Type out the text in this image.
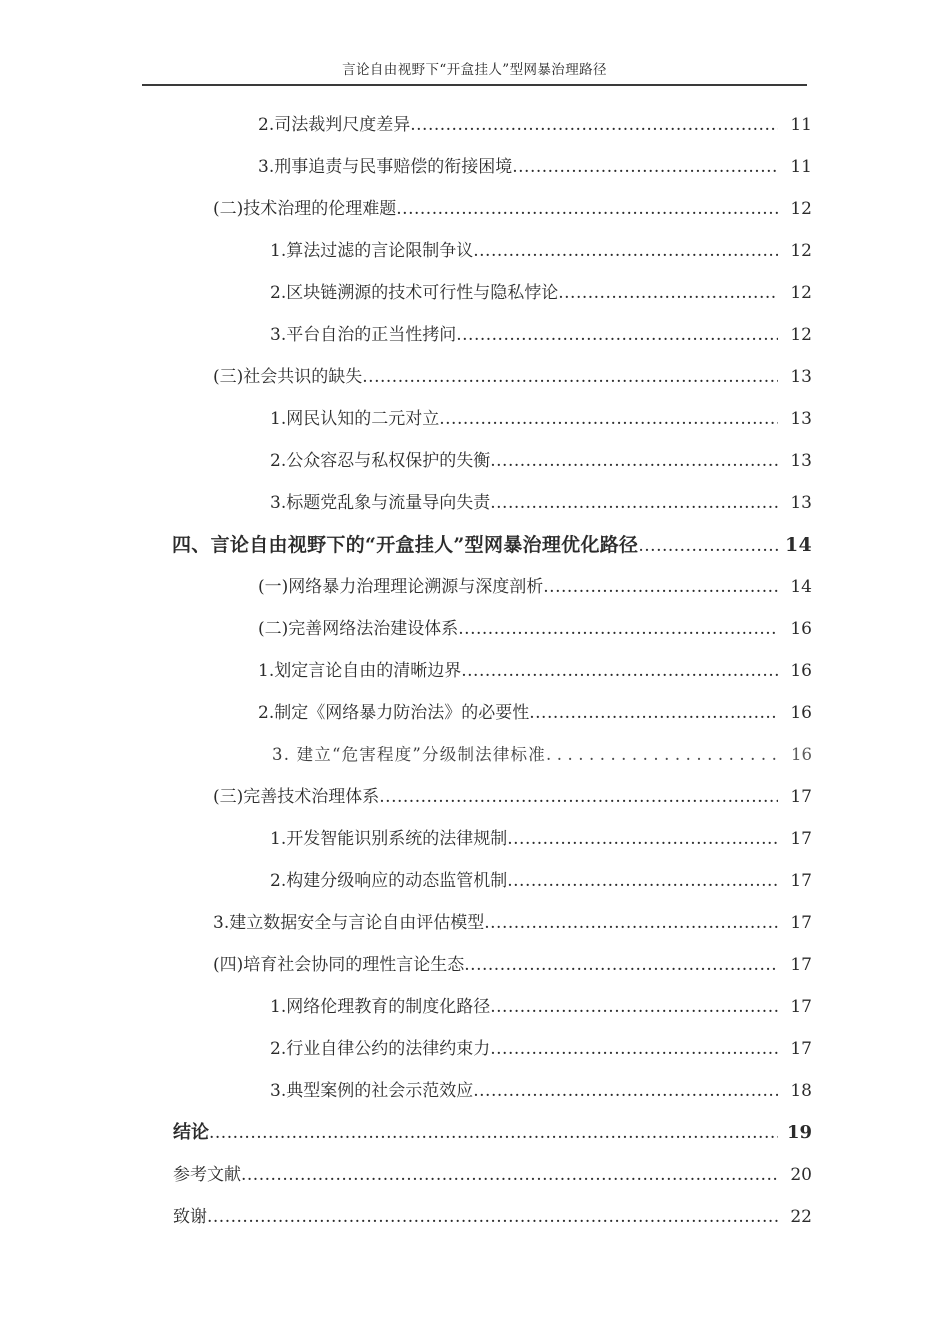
言论自由视野下“开盒挂人”型网暴治理路径
2.司法裁判尺度差异 .....	11
3.刑事追责与民事赔偿的衔接困境 .....	11
(二)技术治理的伦理难题 .....	12
1.算法过滤的言论限制争议 .....	12
2.区块链溯源的技术可行性与隐私悖论 .....	12
3.平台自治的正当性拷问 .....	12
(三)社会共识的缺失 .....	13
1.网民认知的二元对立 .....	13
2.公众容忍与私权保护的失衡 .....	13
3.标题党乱象与流量导向失责 .....	13
四、言论自由视野下的“开盒挂人”型网暴治理优化路径 .....	14
(一)网络暴力治理理论溯源与深度剖析 .....	14
(二)完善网络法治建设体系 .....	16
1.划定言论自由的清晰边界 .....	16
2.制定《网络暴力防治法》的必要性 .....	16
3. 建立“危害程度”分级制法律标准 .....	16
(三)完善技术治理体系 .....	17
1.开发智能识别系统的法律规制 .....	17
2.构建分级响应的动态监管机制 .....	17
3.建立数据安全与言论自由评估模型 .....	17
(四)培育社会协同的理性言论生态 .....	17
1.网络伦理教育的制度化路径 .....	17
2.行业自律公约的法律约束力 .....	17
3.典型案例的社会示范效应 .....	18
结论 .....	19
参考文献 .....	20
致谢 .....	22
